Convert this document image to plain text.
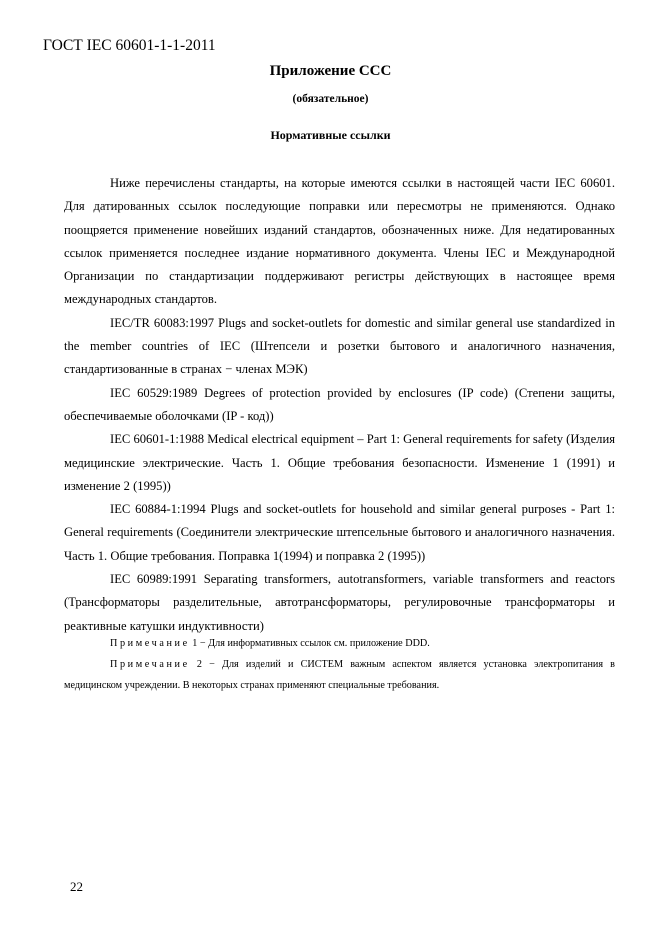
ГОСТ IEC 60601-1-1-2011
Приложение CCC
(обязательное)
Нормативные ссылки

Ниже перечислены стандарты, на которые имеются ссылки в настоящей части IEC 60601. Для датированных ссылок последующие поправки или пересмотры не применяются. Однако поощряется применение новейших изданий стандартов, обозначенных ниже. Для недатированных ссылок применяется последнее издание нормативного документа. Члены IEC и Международной Организации по стандартизации поддерживают регистры действующих в настоящее время международных стандартов.

IEC/TR 60083:1997 Plugs and socket-outlets for domestic and similar general use standardized in the member countries of IEC (Штепсели и розетки бытового и аналогичного назначения, стандартизованные в странах − членах МЭК)

IEC 60529:1989 Degrees of protection provided by enclosures (IP code) (Степени защиты, обеспечиваемые оболочками (IP - код))

IEC 60601-1:1988 Medical electrical equipment – Part 1: General requirements for safety (Изделия медицинские электрические. Часть 1. Общие требования безопасности. Изменение 1 (1991) и изменение 2 (1995))

IEC 60884-1:1994 Plugs and socket-outlets for household and similar general purposes - Part 1: General requirements (Соединители электрические штепсельные бытового и аналогичного назначения. Часть 1. Общие требования. Поправка 1(1994) и поправка 2 (1995))

IEC 60989:1991 Separating transformers, autotransformers, variable transformers and reactors (Трансформаторы разделительные, автотрансформаторы, регулировочные трансформаторы и реактивные катушки индуктивности)

Примечание 1 − Для информативных ссылок см. приложение DDD.

Примечание 2 − Для изделий и СИСТЕМ важным аспектом является установка электропитания в медицинском учреждении. В некоторых странах применяют специальные требования.

22
